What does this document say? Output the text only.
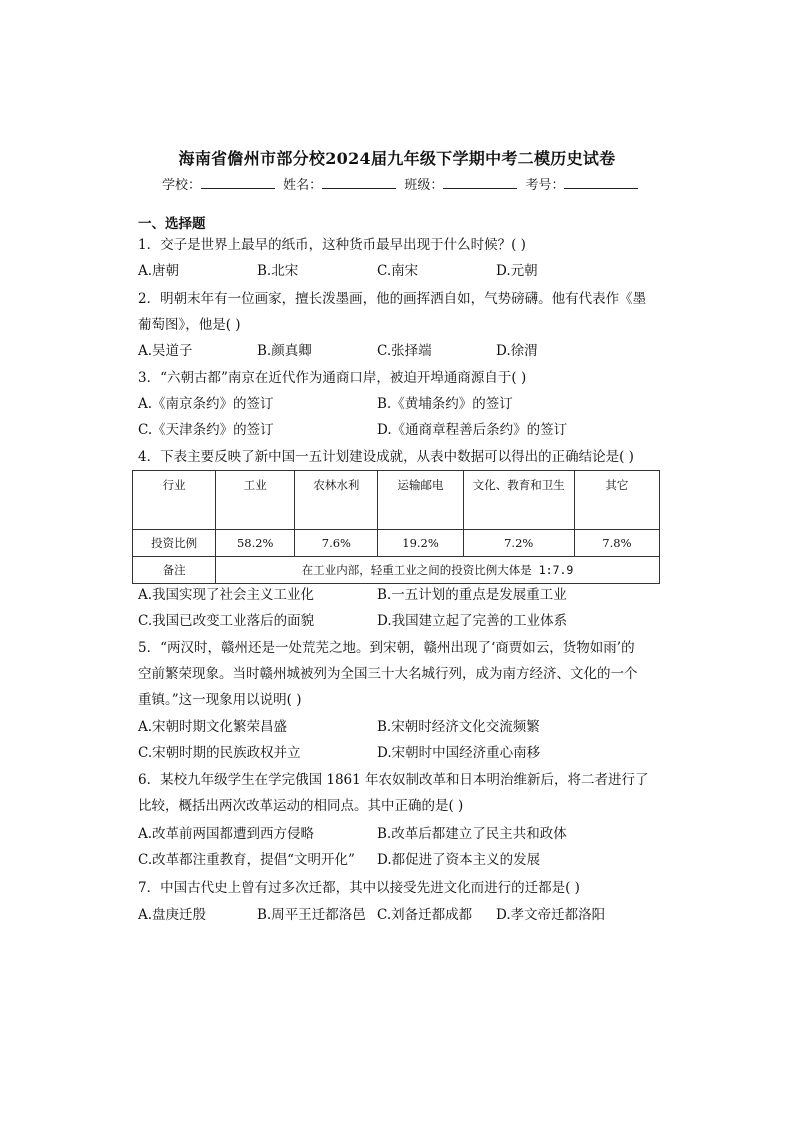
海南省儋州市部分校2024届九年级下学期中考二模历史试卷
学校：	姓名：	班级：	考号：
一、选择题
1．交子是世界上最早的纸币，这种货币最早出现于什么时候？( )
A.唐朝	B.北宋	C.南宋	D.元朝
2．明朝末年有一位画家，擅长泼墨画，他的画挥洒自如，气势磅礴。他有代表作《墨
葡萄图》，他是( )
A.吴道子	B.颜真卿	C.张择端	D.徐渭
3．“六朝古都”南京在近代作为通商口岸，被迫开埠通商源自于( )
A.《南京条约》的签订	B.《黄埔条约》的签订
C.《天津条约》的签订	D.《通商章程善后条约》的签订
4．下表主要反映了新中国一五计划建设成就，从表中数据可以得出的正确结论是( )
行业	工业	农林水利	运输邮电	文化、教育和卫生	其它
投资比例	58.2%	7.6%	19.2%	7.2%	7.8%
备注	在工业内部，轻重工业之间的投资比例大体是 1:7.9				
A.我国实现了社会主义工业化	B.一五计划的重点是发展重工业
C.我国已改变工业落后的面貌	D.我国建立起了完善的工业体系
5．“两汉时，赣州还是一处荒芜之地。到宋朝，赣州出现了‘商贾如云，货物如雨’的
空前繁荣现象。当时赣州城被列为全国三十大名城行列，成为南方经济、文化的一个
重镇。”这一现象用以说明( )
A.宋朝时期文化繁荣昌盛	B.宋朝时经济文化交流频繁
C.宋朝时期的民族政权并立	D.宋朝时中国经济重心南移
6．某校九年级学生在学完俄国 1861 年农奴制改革和日本明治维新后，将二者进行了
比较，概括出两次改革运动的相同点。其中正确的是( )
A.改革前两国都遭到西方侵略	B.改革后都建立了民主共和政体
C.改革都注重教育，提倡“文明开化” D.都促进了资本主义的发展
7．中国古代史上曾有过多次迁都，其中以接受先进文化而进行的迁都是( )
A.盘庚迁殷	B.周平王迁都洛邑 C.刘备迁都成都 D.孝文帝迁都洛阳
